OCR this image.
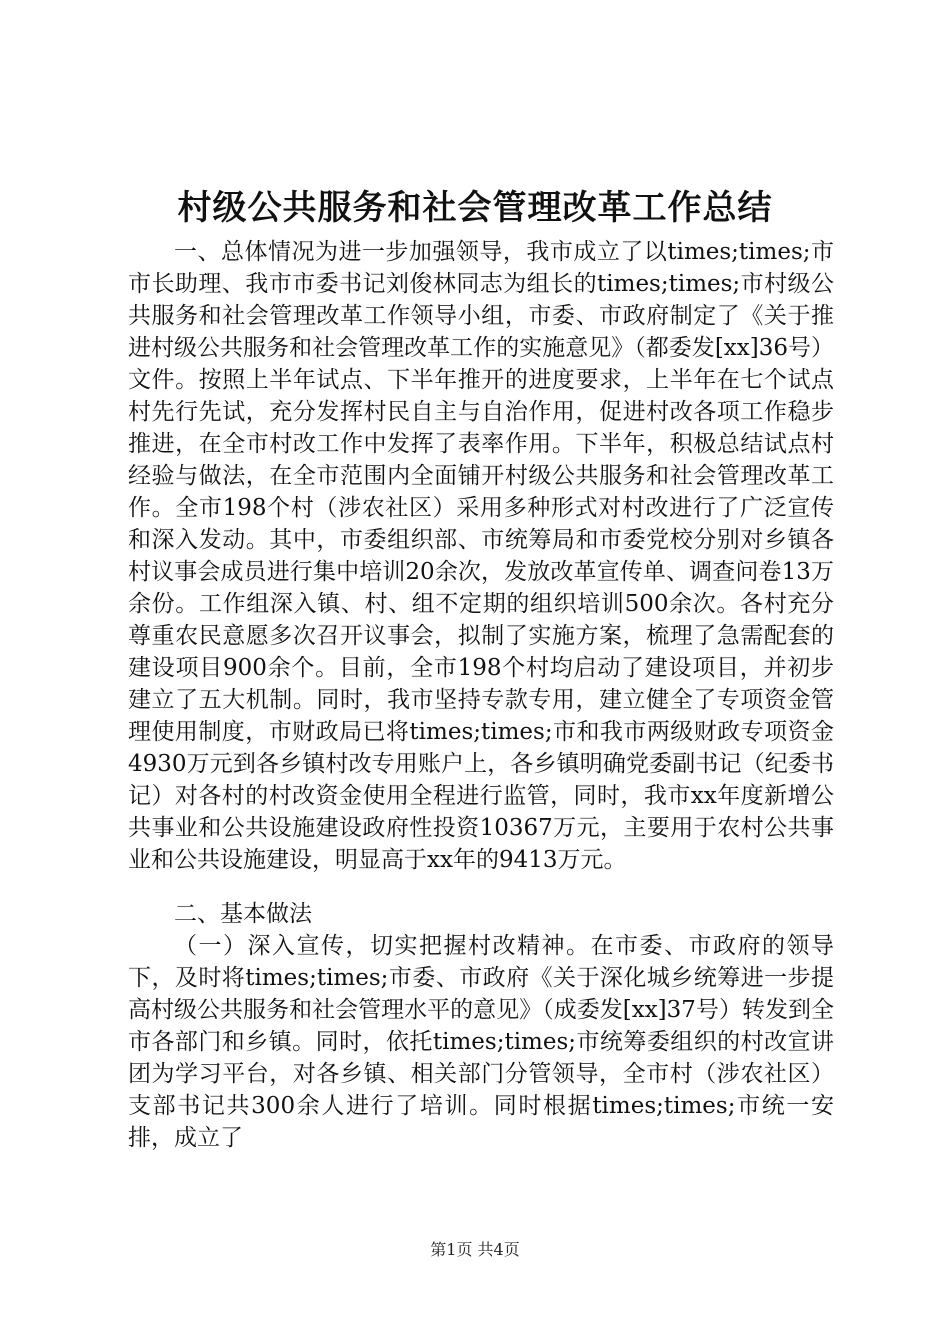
村级公共服务和社会管理改革工作总结

一、总体情况为进一步加强领导，我市成立了以times;times;市市长助理、我市市委书记刘俊林同志为组长的times;times;市村级公共服务和社会管理改革工作领导小组，市委、市政府制定了《关于推进村级公共服务和社会管理改革工作的实施意见》（都委发[xx]36号）文件。按照上半年试点、下半年推开的进度要求，上半年在七个试点村先行先试，充分发挥村民自主与自治作用，促进村改各项工作稳步推进，在全市村改工作中发挥了表率作用。下半年，积极总结试点村经验与做法，在全市范围内全面铺开村级公共服务和社会管理改革工作。全市198个村（涉农社区）采用多种形式对村改进行了广泛宣传和深入发动。其中，市委组织部、市统筹局和市委党校分别对乡镇各村议事会成员进行集中培训20余次，发放改革宣传单、调查问卷13万余份。工作组深入镇、村、组不定期的组织培训500余次。各村充分尊重农民意愿多次召开议事会，拟制了实施方案，梳理了急需配套的建设项目900余个。目前，全市198个村均启动了建设项目，并初步建立了五大机制。同时，我市坚持专款专用，建立健全了专项资金管理使用制度，市财政局已将times;times;市和我市两级财政专项资金4930万元到各乡镇村改专用账户上，各乡镇明确党委副书记（纪委书记）对各村的村改资金使用全程进行监管，同时，我市xx年度新增公共事业和公共设施建设政府性投资10367万元，主要用于农村公共事业和公共设施建设，明显高于xx年的9413万元。

二、基本做法

（一）深入宣传，切实把握村改精神。在市委、市政府的领导下，及时将times;times;市委、市政府《关于深化城乡统筹进一步提高村级公共服务和社会管理水平的意见》（成委发[xx]37号）转发到全市各部门和乡镇。同时，依托times;times;市统筹委组织的村改宣讲团为学习平台，对各乡镇、相关部门分管领导，全市村（涉农社区）支部书记共300余人进行了培训。同时根据times;times;市统一安排，成立了

第1页 共4页
